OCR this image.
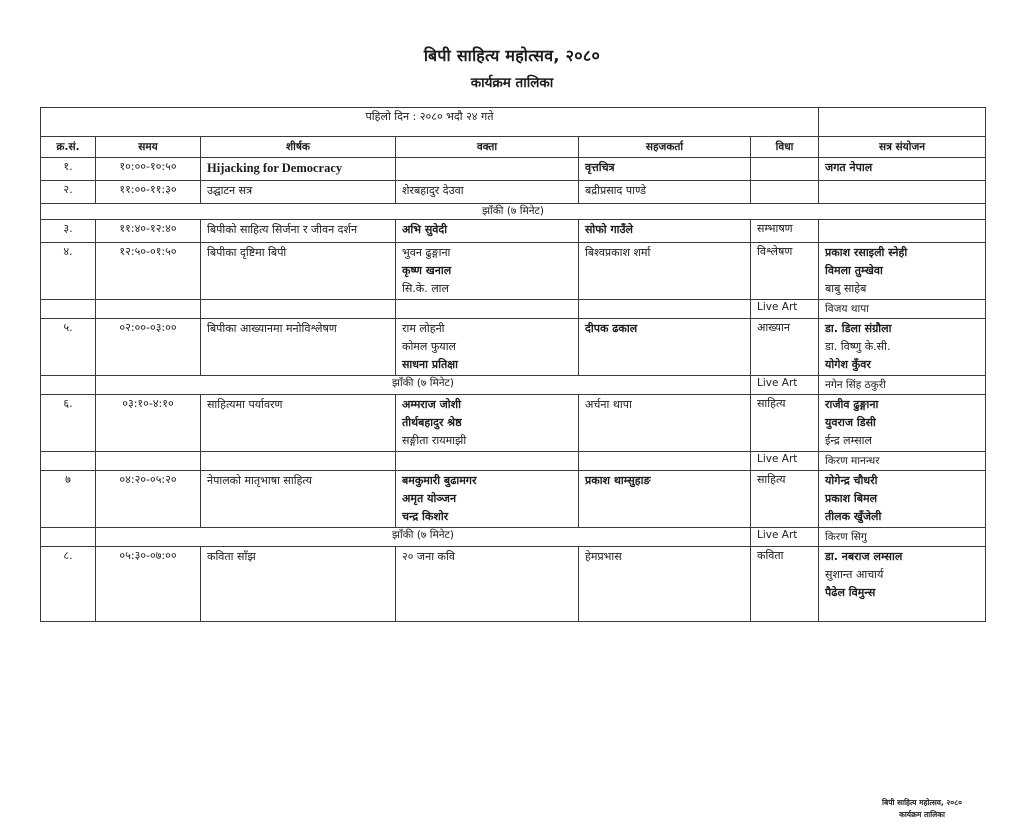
बिपी साहित्य महोत्सव, २०८०
कार्यक्रम तालिका
पहिलो दिन : २०८० भदौ २४ गते						
क्र.सं.	समय	शीर्षक	वक्ता	सहजकर्ता	विधा	सत्र संयोजन
१.	१०:००-१०:५०	Hijacking for Democracy		वृत्तचित्र		जगत नेपाल

२.	११:००-११:३०	उद्घाटन सत्र	शेरबहादुर देउवा	बद्रीप्रसाद पाण्डे		

झाँकी (७ मिनेट)						
३.	११:४०-१२:४०	बिपीको साहित्य सिर्जना र जीवन दर्शन	अभि सुवेदी	सोफो गाउँले	सम्भाषण	
४.	१२:५०-०१:५०	बिपीका दृष्टिमा बिपी	भुवन ढुङ्गाना
कृष्ण खनाल
सि.के. लाल

बिश्वप्रकाश शर्मा	विश्लेषण	प्रकाश रसाइली स्नेही
विमला तुम्खेवा
बाबु साहेब

					Live Art	विजय थापा

५.	०२:००-०३:००	बिपीका आख्यानमा मनोविश्लेषण	राम लोहनी
कोमल फुयाल
साधना प्रतिक्षा

दीपक ढकाल	आख्यान	डा. डिला संग्रौला
डा. विष्णु के.सी.
योगेश कुँवर

	झाँकी (७ मिनेट)				Live Art	नगेन सिंह ठकुरी

६.	०३:१०-४:१०	साहित्यमा पर्यावरण	अम्मराज जोशी
तीर्थबहादुर श्रेष्ठ
सङ्गीता रायमाझी

अर्चना थापा	साहित्य	राजीव ढुङ्गाना
युवराज डिसी
ईन्द्र लम्साल

					Live Art	किरण मानन्धर

७	०४:२०-०५:२०	नेपालको मातृभाषा साहित्य	बमकुमारी बुढामगर
अमृत योञ्जन
चन्द्र किशोर

प्रकाश थाम्सुहाङ	साहित्य	योगेन्द्र चौधरी
प्रकाश बिमल
तीलक खुँजेली

	झाँकी (७ मिनेट)				Live Art	किरण सिगु

८.	०५:३०-०७:००	कविता साँझ	२० जना कवि	हेमप्रभास	कविता	डा. नबराज लम्साल
सुशान्त आचार्य
पैढेल विमुन्स
बिपी साहित्य महोत्सव, २०८०
कार्यक्रम तालिका
